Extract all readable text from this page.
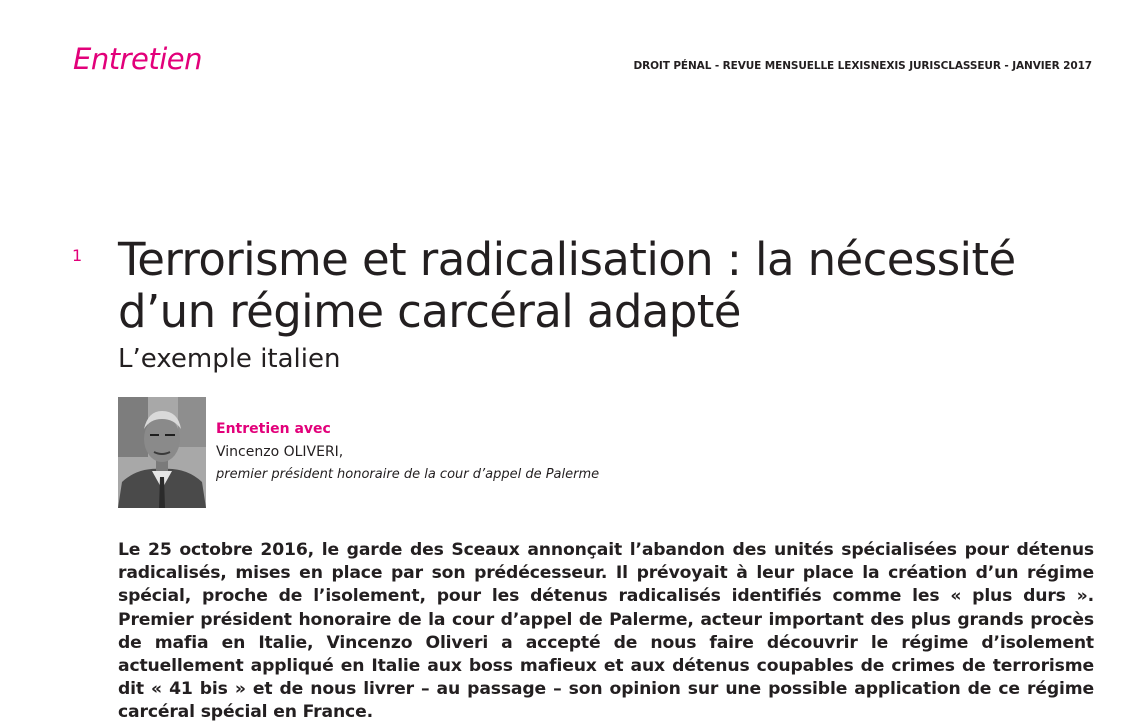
Entretien	DROIT PÉNAL - REVUE MENSUELLE LEXISNEXIS JURISCLASSEUR - JANVIER 2017
1 Terrorisme et radicalisation : la nécessité d’un régime carcéral adapté
L’exemple italien
Entretien avec
Vincenzo OLIVERI,
premier président honoraire de la cour d’appel de Palerme

Le 25 octobre 2016, le garde des Sceaux annonçait l’abandon des unités spécialisées pour détenus radicalisés, mises en place par son prédécesseur. Il prévoyait à leur place la création d’un régime spécial, proche de l’isolement, pour les détenus radicalisés identifiés comme les « plus durs ». Premier président honoraire de la cour d’appel de Palerme, acteur important des plus grands procès de mafia en Italie, Vincenzo Oliveri a accepté de nous faire découvrir le régime d’isolement actuellement appliqué en Italie aux boss mafieux et aux détenus coupables de crimes de terrorisme dit « 41 bis » et de nous livrer – au passage – son opinion sur une possible application de ce régime carcéral spécial en France.
